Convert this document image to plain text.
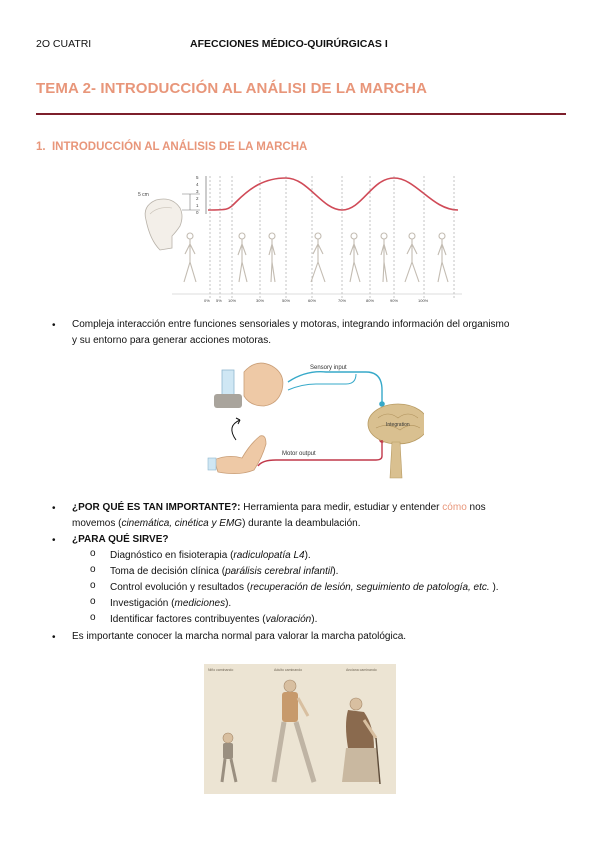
2O CUATRI	AFECCIONES MÉDICO-QUIRÚRGICAS I
TEMA 2- INTRODUCCIÓN AL ANÁLISI DE LA MARCHA
1. INTRODUCCIÓN AL ANÁLISIS DE LA MARCHA
5 cm
5
4
3
2
1
0
0% 5% 10%	30%	50%	60%	70%	80%	90%	100%
• Compleja interacción entre funciones sensoriales y motoras, integrando información del organismo
y su entorno para generar acciones motoras.
Sensory input
Integration
Motor output
• ¿POR QUÉ ES TAN IMPORTANTE?: Herramienta para medir, estudiar y entender cómo nos
movemos (cinemática, cinética y EMG) durante la deambulación.
• ¿PARA QUÉ SIRVE?
o Diagnóstico en fisioterapia (radiculopatía L4).
o Toma de decisión clínica (parálisis cerebral infantil).
o Control evolución y resultados (recuperación de lesión, seguimiento de patología, etc. ).
o Investigación (mediciones).
o Identificar factores contribuyentes (valoración).
• Es importante conocer la marcha normal para valorar la marcha patológica.
Niño caminando	Adulto caminando	Anciana caminando
